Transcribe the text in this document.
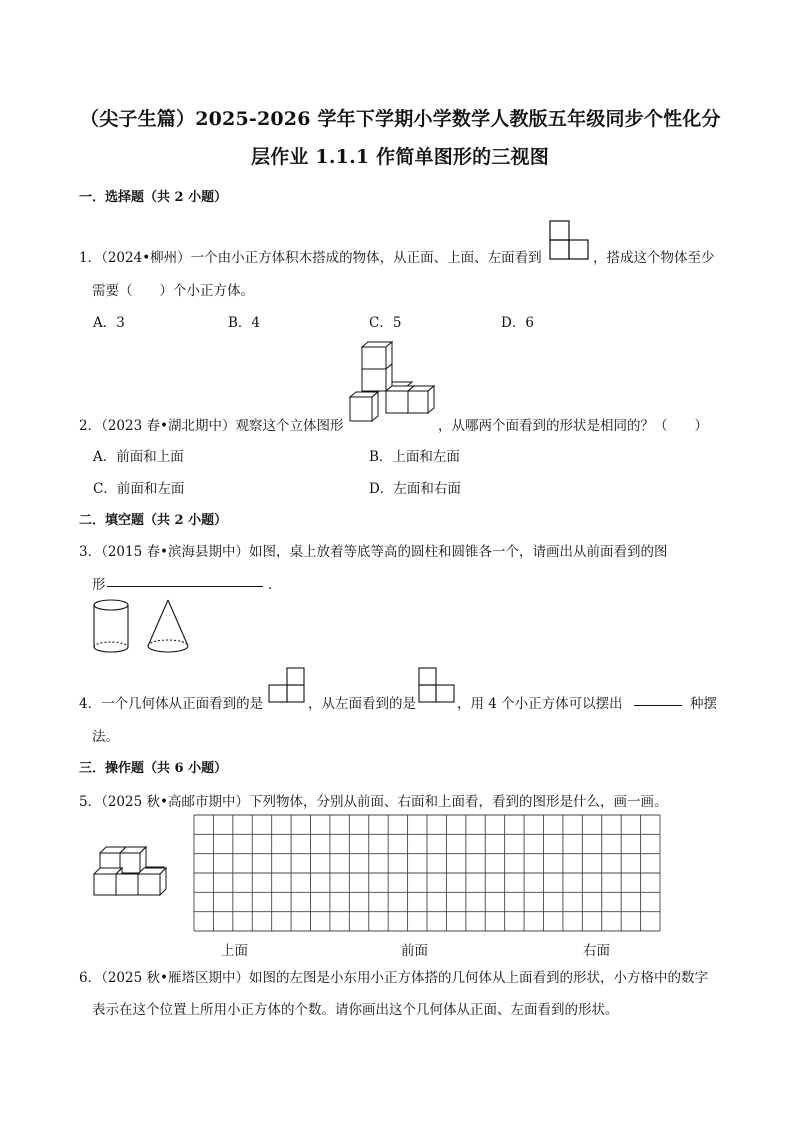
（尖子生篇）2025-2026 学年下学期小学数学人教版五年级同步个性化分
层作业 1.1.1 作简单图形的三视图
一．选择题（共 2 小题）
1．（2024•柳州）一个由小正方体积木搭成的物体，从正面、上面、左面看到	，搭成这个物体至少
需要（　　）个小正方体。
A．3	B．4	C．5	D．6
2．（2023 春•湖北期中）观察这个立体图形	，从哪两个面看到的形状是相同的？（　　）
A．前面和上面	B．上面和左面
C．前面和左面	D．左面和右面
二．填空题（共 2 小题）
3．（2015 春•滨海县期中）如图，桌上放着等底等高的圆柱和圆锥各一个，请画出从前面看到的图
形	．
4．一个几何体从正面看到的是	，从左面看到的是	，用 4 个小正方体可以摆出	种摆
法。
三．操作题（共 6 小题）
5．（2025 秋•高邮市期中）下列物体，分别从前面、右面和上面看，看到的图形是什么，画一画。
上面	前面	右面
6．（2025 秋•雁塔区期中）如图的左图是小东用小正方体搭的几何体从上面看到的形状，小方格中的数字
表示在这个位置上所用小正方体的个数。请你画出这个几何体从正面、左面看到的形状。
